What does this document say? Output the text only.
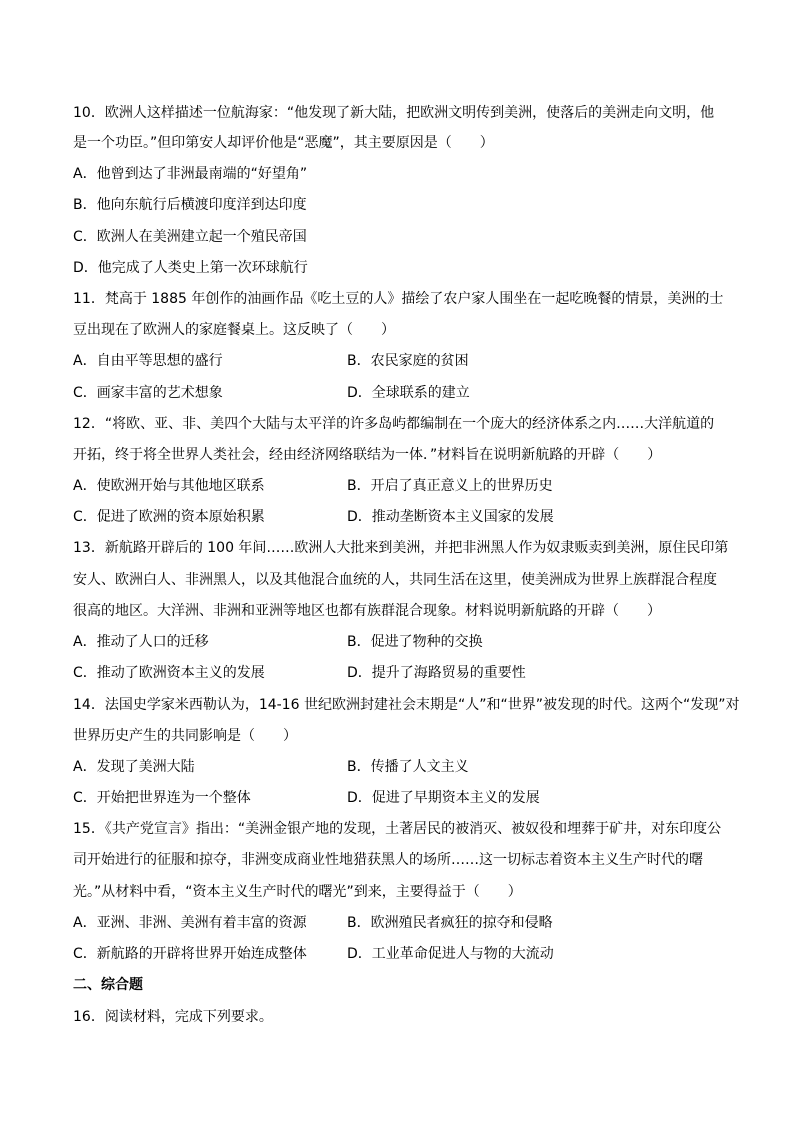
10．欧洲人这样描述一位航海家：“他发现了新大陆，把欧洲文明传到美洲，使落后的美洲走向文明，他
是一个功臣。”但印第安人却评价他是“恶魔”，其主要原因是（　　）
A．他曾到达了非洲最南端的“好望角”
B．他向东航行后横渡印度洋到达印度
C．欧洲人在美洲建立起一个殖民帝国
D．他完成了人类史上第一次环球航行
11．梵高于 1885 年创作的油画作品《吃土豆的人》描绘了农户家人围坐在一起吃晚餐的情景，美洲的士
豆出现在了欧洲人的家庭餐桌上。这反映了（　　）
A．自由平等思想的盛行	B．农民家庭的贫困
C．画家丰富的艺术想象	D．全球联系的建立
12．“将欧、亚、非、美四个大陆与太平洋的许多岛屿都编制在一个庞大的经济体系之内……大洋航道的
开拓，终于将全世界人类社会，经由经济网络联结为一体．”材料旨在说明新航路的开辟（　　）
A．使欧洲开始与其他地区联系	B．开启了真正意义上的世界历史
C．促进了欧洲的资本原始积累	D．推动垄断资本主义国家的发展
13．新航路开辟后的 100 年间……欧洲人大批来到美洲，并把非洲黑人作为奴隶贩卖到美洲，原住民印第
安人、欧洲白人、非洲黑人，以及其他混合血统的人，共同生活在这里，使美洲成为世界上族群混合程度
很高的地区。大洋洲、非洲和亚洲等地区也都有族群混合现象。材料说明新航路的开辟（　　）
A．推动了人口的迁移	B．促进了物种的交换
C．推动了欧洲资本主义的发展	D．提升了海路贸易的重要性
14．法国史学家米西勒认为，14-16 世纪欧洲封建社会末期是“人”和“世界”被发现的时代。这两个“发现”对
世界历史产生的共同影响是（　　）
A．发现了美洲大陆	B．传播了人文主义
C．开始把世界连为一个整体	D．促进了早期资本主义的发展
15．《共产党宣言》指出：“美洲金银产地的发现，土著居民的被消灭、被奴役和埋葬于矿井，对东印度公
司开始进行的征服和掠夺，非洲变成商业性地猎获黑人的场所……这一切标志着资本主义生产时代的曙
光。”从材料中看，“资本主义生产时代的曙光”到来，主要得益于（　　）
A．亚洲、非洲、美洲有着丰富的资源	B．欧洲殖民者疯狂的掠夺和侵略
C．新航路的开辟将世界开始连成整体	D．工业革命促进人与物的大流动
二、综合题
16．阅读材料，完成下列要求。
